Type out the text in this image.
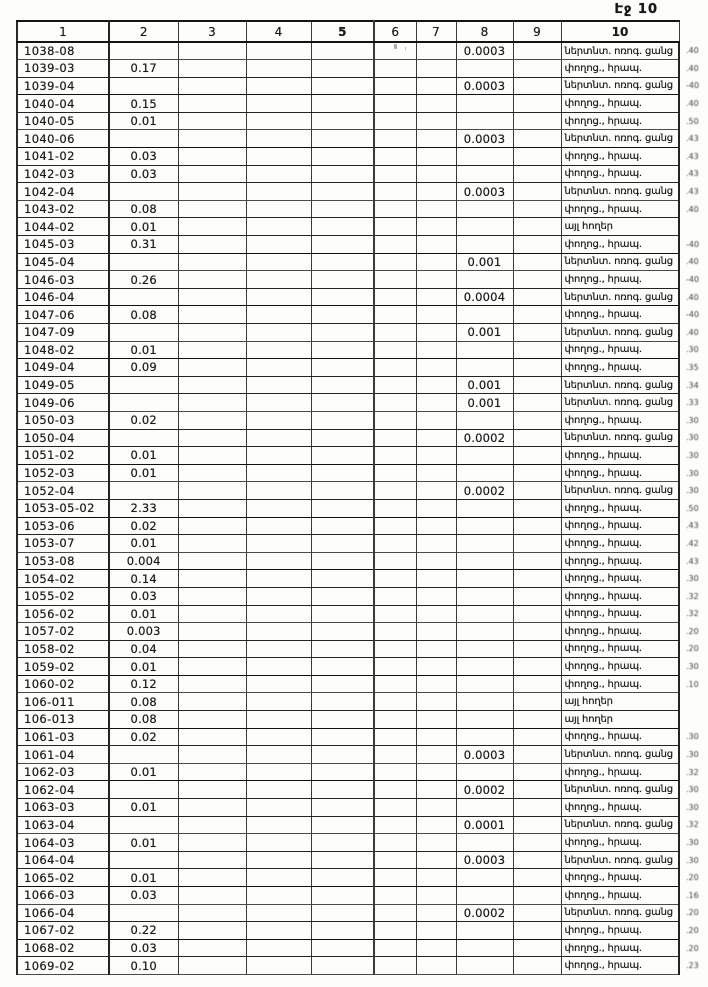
Էջ 10
1	2	3	4	5	6	7	8	9	10	
1038-08							0.0003		ներտնտ. ոռոգ. ցանց	.40
1039-03	0.17								փողոց., հրապ.	.40
1039-04							0.0003		ներտնտ. ոռոգ. ցանց	-40
1040-04	0.15								փողոց., հրապ.	.40
1040-05	0.01								փողոց., հրապ.	.50
1040-06							0.0003		ներտնտ. ոռոգ. ցանց	.43
1041-02	0.03								փողոց., հրապ.	.43
1042-03	0.03								փողոց., հրապ.	.43
1042-04							0.0003		ներտնտ. ոռոգ. ցանց	.43
1043-02	0.08								փողոց., հրապ.	.40
1044-02	0.01								այլ հողեր	
1045-03	0.31								փողոց., հրապ.	-40
1045-04							0.001		ներտնտ. ոռոգ. ցանց	.40
1046-03	0.26								փողոց., հրապ.	-40
1046-04							0.0004		ներտնտ. ոռոգ. ցանց	.40
1047-06	0.08								փողոց., հրապ.	-40
1047-09							0.001		ներտնտ. ոռոգ. ցանց	.40
1048-02	0.01								փողոց., հրապ.	.30
1049-04	0.09								փողոց., հրապ.	.35
1049-05							0.001		ներտնտ. ոռոգ. ցանց	.34
1049-06							0.001		ներտնտ. ոռոգ. ցանց	.33
1050-03	0.02								փողոց., հրապ.	.30
1050-04							0.0002		ներտնտ. ոռոգ. ցանց	.30
1051-02	0.01								փողոց., հրապ.	.30
1052-03	0.01								փողոց., հրապ.	.30
1052-04							0.0002		ներտնտ. ոռոգ. ցանց	.30
1053-05-02	2.33								փողոց., հրապ.	.50
1053-06	0.02								փողոց., հրապ.	.43
1053-07	0.01								փողոց., հրապ.	.42
1053-08	0.004								փողոց., հրապ.	.43
1054-02	0.14								փողոց., հրապ.	.30
1055-02	0.03								փողոց., հրապ.	.32
1056-02	0.01								փողոց., հրապ.	.32
1057-02	0.003								փողոց., հրապ.	.20
1058-02	0.04								փողոց., հրապ.	.20
1059-02	0.01								փողոց., հրապ.	.30
1060-02	0.12								փողոց., հրապ.	.10
106-011	0.08								այլ հողեր	
106-013	0.08								այլ հողեր	
1061-03	0.02								փողոց., հրապ.	.30
1061-04							0.0003		ներտնտ. ոռոգ. ցանց	.30
1062-03	0.01								փողոց., հրապ.	.32
1062-04							0.0002		ներտնտ. ոռոգ. ցանց	.30
1063-03	0.01								փողոց., հրապ.	.30
1063-04							0.0001		ներտնտ. ոռոգ. ցանց	.32
1064-03	0.01								փողոց., հրապ.	.30
1064-04							0.0003		ներտնտ. ոռոգ. ցանց	.30
1065-02	0.01								փողոց., հրապ.	.20
1066-03	0.03								փողոց., հրապ.	.16
1066-04							0.0002		ներտնտ. ոռոգ. ցանց	.20
1067-02	0.22								փողոց., հրապ.	.20
1068-02	0.03								փողոց., հրապ.	.20
1069-02	0.10								փողոց., հրապ.	.23
